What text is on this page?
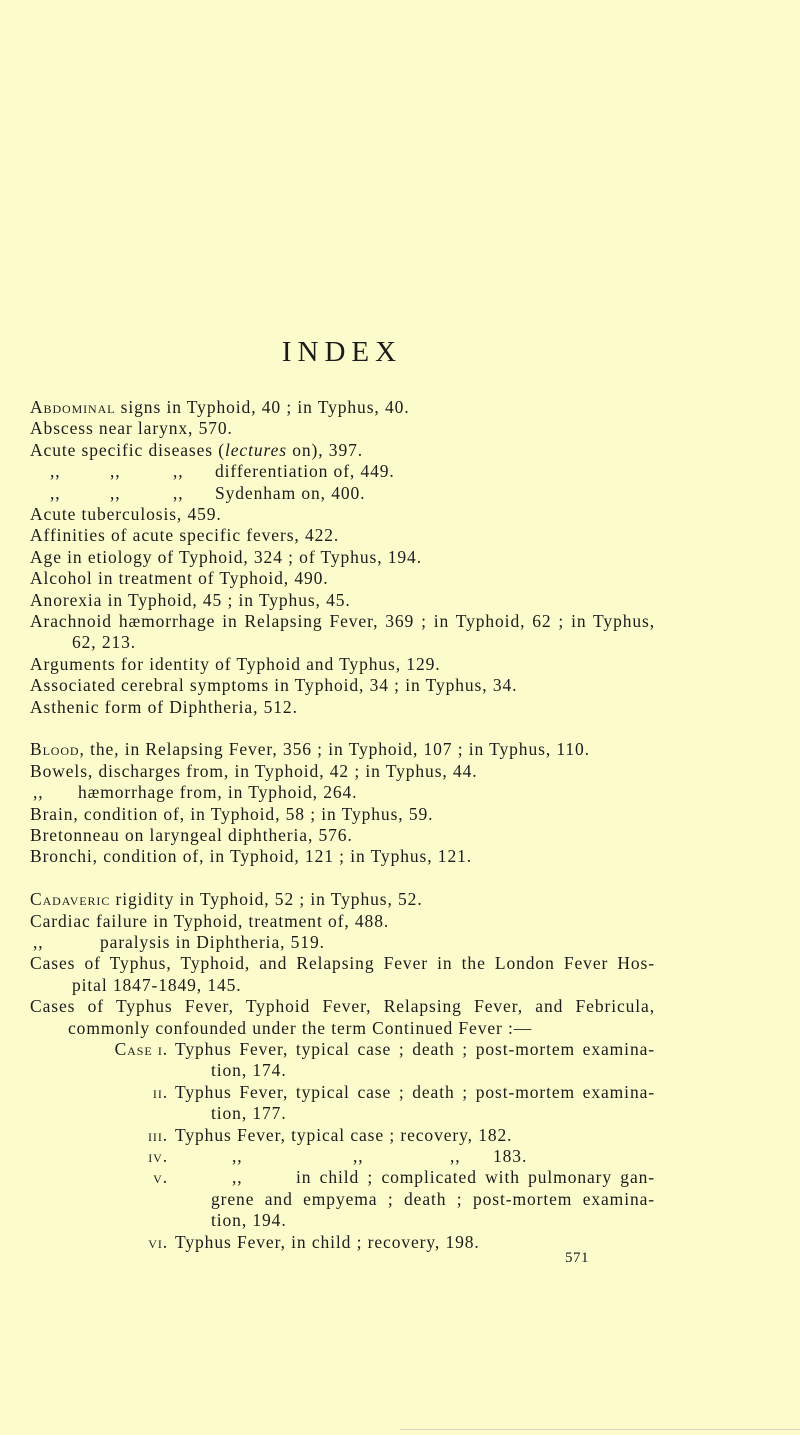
INDEX
Abdominal signs in Typhoid, 40 ; in Typhus, 40.
Abscess near larynx, 570.
Acute specific diseases (lectures on), 397.
,,	,,	,, differentiation of, 449.
,,	,,	,, Sydenham on, 400.
Acute tuberculosis, 459.
Affinities of acute specific fevers, 422.
Age in etiology of Typhoid, 324 ; of Typhus, 194.
Alcohol in treatment of Typhoid, 490.
Anorexia in Typhoid, 45 ; in Typhus, 45.
Arachnoid hæmorrhage in Relapsing Fever, 369 ; in Typhoid, 62 ; in Typhus,
62, 213.
Arguments for identity of Typhoid and Typhus, 129.
Associated cerebral symptoms in Typhoid, 34 ; in Typhus, 34.
Asthenic form of Diphtheria, 512.
Blood, the, in Relapsing Fever, 356 ; in Typhoid, 107 ; in Typhus, 110.
Bowels, discharges from, in Typhoid, 42 ; in Typhus, 44.
,, hæmorrhage from, in Typhoid, 264.
Brain, condition of, in Typhoid, 58 ; in Typhus, 59.
Bretonneau on laryngeal diphtheria, 576.
Bronchi, condition of, in Typhoid, 121 ; in Typhus, 121.
Cadaveric rigidity in Typhoid, 52 ; in Typhus, 52.
Cardiac failure in Typhoid, treatment of, 488.
,,	paralysis in Diphtheria, 519.
Cases of Typhus, Typhoid, and Relapsing Fever in the London Fever Hos-
pital 1847-1849, 145.
Cases of Typhus Fever, Typhoid Fever, Relapsing Fever, and Febricula,
commonly confounded under the term Continued Fever :—
Case i. Typhus Fever, typical case ; death ; post-mortem examina-
tion, 174.
ii. Typhus Fever, typical case ; death ; post-mortem examina-
tion, 177.
iii. Typhus Fever, typical case ; recovery, 182.
iv.	,,	,,	,, 183.
v.	,,	in child ; complicated with pulmonary gan-
grene and empyema ; death ; post-mortem examina-
tion, 194.
vi. Typhus Fever, in child ; recovery, 198.
571
